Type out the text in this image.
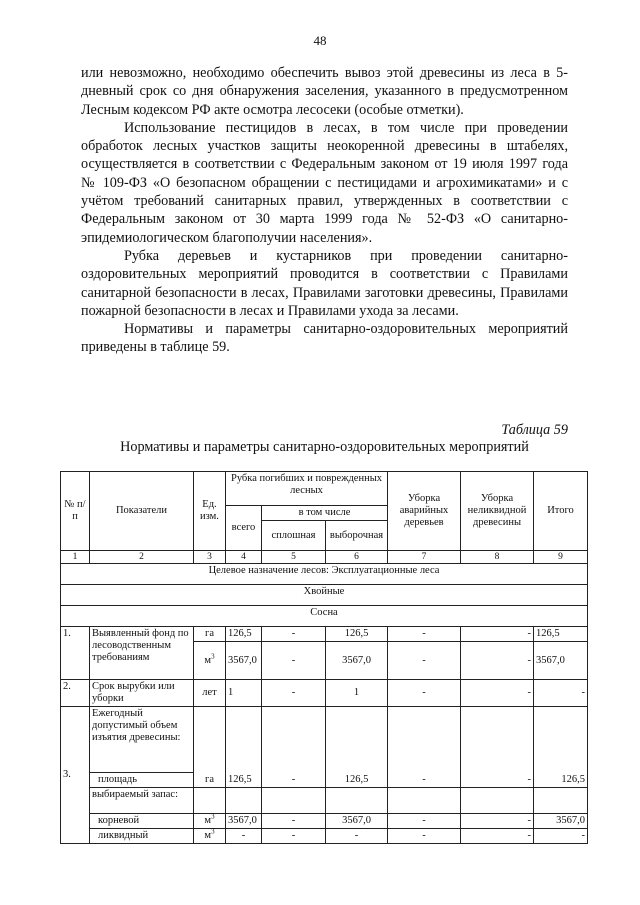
48

или невозможно, необходимо обеспечить вывоз этой древесины из леса в 5-дневный срок со дня обнаружения заселения, указанного в предусмотренном Лесным кодексом РФ акте осмотра лесосеки (особые отметки).

Использование пестицидов в лесах, в том числе при проведении обработок лесных участков защиты неокоренной древесины в штабелях, осуществляется в соответствии с Федеральным законом от 19 июля 1997 года № 109-ФЗ «О безопасном обращении с пестицидами и агрохимикатами» и с учётом требований санитарных правил, утвержденных в соответствии с Федеральным законом от 30 марта 1999 года № 52-ФЗ «О санитарно-эпидемиологическом благополучии населения».

Рубка деревьев и кустарников при проведении санитарно-оздоровительных мероприятий проводится в соответствии с Правилами санитарной безопасности в лесах, Правилами заготовки древесины, Правилами пожарной безопасности в лесах и Правилами ухода за лесами.

Нормативы и параметры санитарно-оздоровительных мероприятий приведены в таблице 59.

Таблица 59
Нормативы и параметры санитарно-оздоровительных мероприятий
№ п/п	Показатели	Ед. изм.	Рубка погибших и поврежденных лесных			Уборка аварийных деревьев	Уборка неликвидной древесины	Итого
			всего	в том числе				
				сплошная	выборочная			
1	2	3	4	5	6	7	8	9
Целевое назначение лесов: Эксплуатационные леса								
Хвойные								
Сосна								
1.	Выявленный фонд по лесоводственным требованиям	га	126,5	-	126,5	-	-	126,5
		$м^3$	3567,0	-	3567,0	-	-	3567,0
2.	Срок вырубки или уборки	лет	1	-	1	-	-	-
3.	Ежегодный допустимый объем изъятия древесины:							
	площадь	га	126,5	-	126,5	-	-	126,5
	выбираемый запас:							
	корневой	$м^3$	3567,0	-	3567,0	-	-	3567,0
	ликвидный	$м^3$	-	-	-	-	-	-
